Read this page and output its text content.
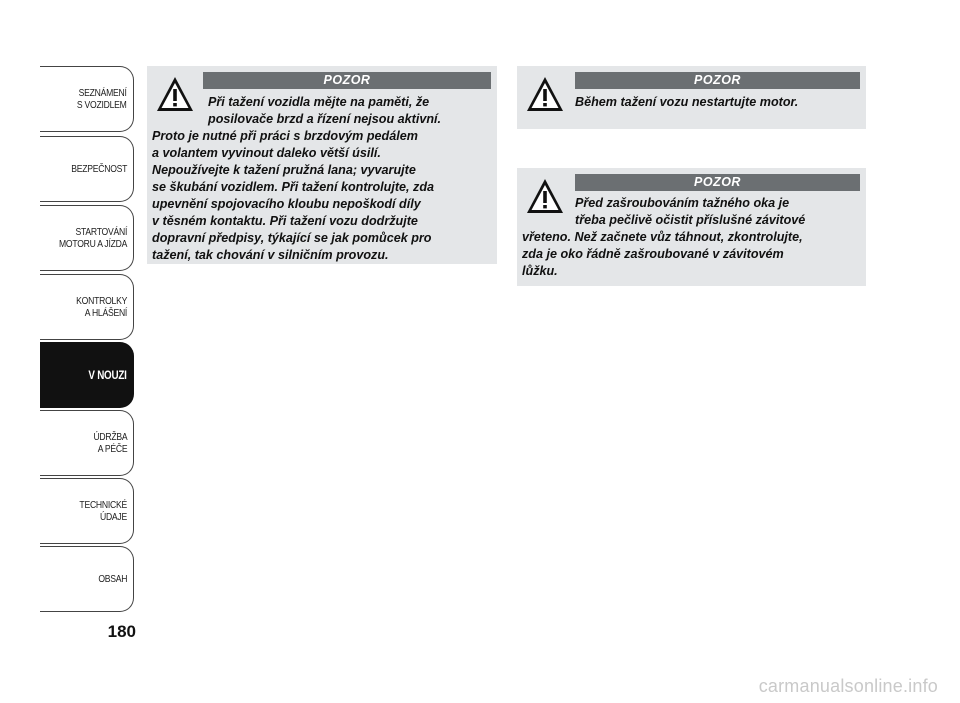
SEZNÁMENÍ
S VOZIDLEM
BEZPEČNOST
STARTOVÁNÍ
MOTORU A JÍZDA
KONTROLKY
A HLÁŠENÍ
V NOUZI
ÚDRŽBA
A PÉČE
TECHNICKÉ
ÚDAJE
OBSAH
180
POZOR
Při tažení vozidla mějte na paměti, že
posilovače brzd a řízení nejsou aktivní.
Proto je nutné při práci s brzdovým pedálem
a volantem vyvinout daleko větší úsilí.
Nepoužívejte k tažení pružná lana; vyvarujte
se škubání vozidlem. Při tažení kontrolujte, zda
upevnění spojovacího kloubu nepoškodí díly
v těsném kontaktu. Při tažení vozu dodržujte
dopravní předpisy, týkající se jak pomůcek pro
tažení, tak chování v silničním provozu.
POZOR
Během tažení vozu nestartujte motor.
POZOR
Před zašroubováním tažného oka je
třeba pečlivě očistit příslušné závitové
vřeteno. Než začnete vůz táhnout, zkontrolujte,
zda je oko řádně zašroubované v závitovém
lůžku.
carmanualsonline.info
